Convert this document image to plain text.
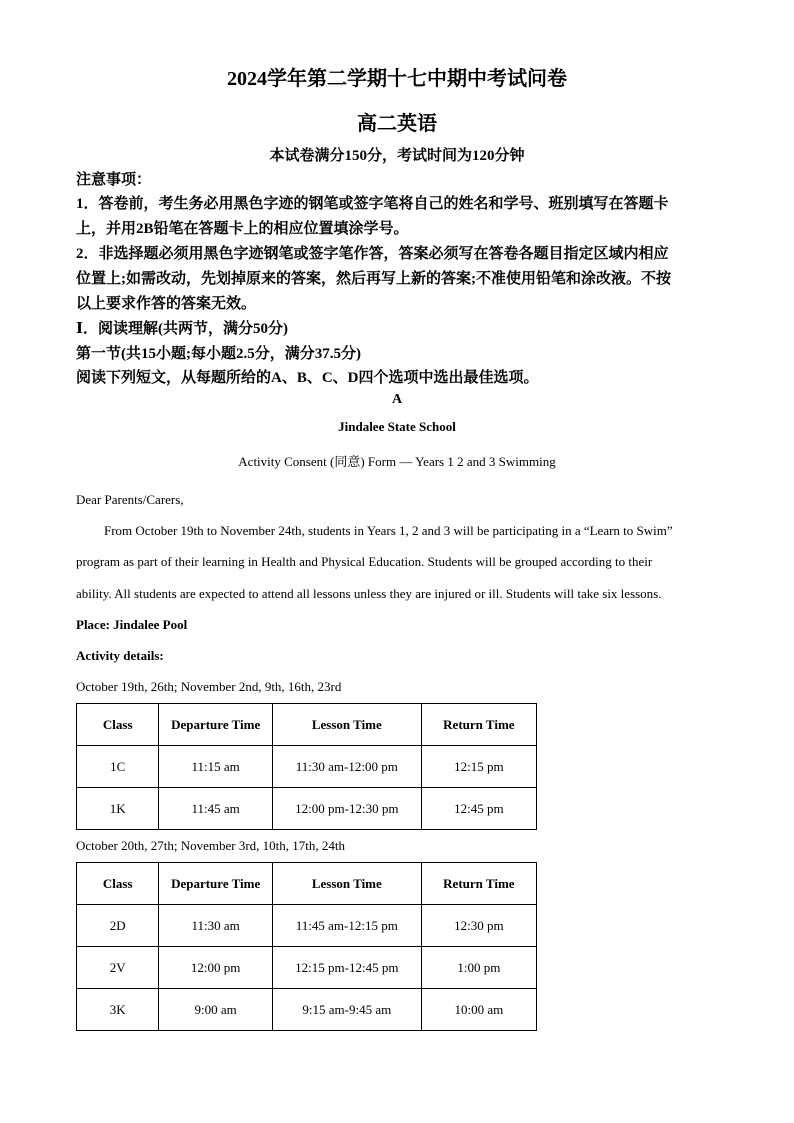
2024学年第二学期十七中期中考试问卷
高二英语
本试卷满分150分，考试时间为120分钟
注意事项：
1．答卷前，考生务必用黑色字迹的钢笔或签字笔将自己的姓名和学号、班别填写在答题卡
上，并用2B铅笔在答题卡上的相应位置填涂学号。
2．非选择题必须用黑色字迹钢笔或签字笔作答，答案必须写在答卷各题目指定区域内相应
位置上;如需改动，先划掉原来的答案，然后再写上新的答案;不准使用铅笔和涂改液。不按
以上要求作答的答案无效。
Ⅰ．阅读理解(共两节，满分50分)
第一节(共15小题;每小题2.5分，满分37.5分)
阅读下列短文，从每题所给的A、B、C、D四个选项中选出最佳选项。
A
Jindalee State School
Activity Consent (同意) Form — Years 1 2 and 3 Swimming
Dear Parents/Carers,
From October 19th to November 24th, students in Years 1, 2 and 3 will be participating in a “Learn to Swim”
program as part of their learning in Health and Physical Education. Students will be grouped according to their
ability. All students are expected to attend all lessons unless they are injured or ill. Students will take six lessons.
Place: Jindalee Pool
Activity details:
October 19th, 26th; November 2nd, 9th, 16th, 23rd
Class	Departure Time	Lesson Time	Return Time
1C	11:15 am	11:30 am-12:00 pm	12:15 pm
1K	11:45 am	12:00 pm-12:30 pm	12:45 pm
October 20th, 27th; November 3rd, 10th, 17th, 24th
Class	Departure Time	Lesson Time	Return Time
2D	11:30 am	11:45 am-12:15 pm	12:30 pm
2V	12:00 pm	12:15 pm-12:45 pm	1:00 pm
3K	9:00 am	9:15 am-9:45 am	10:00 am
